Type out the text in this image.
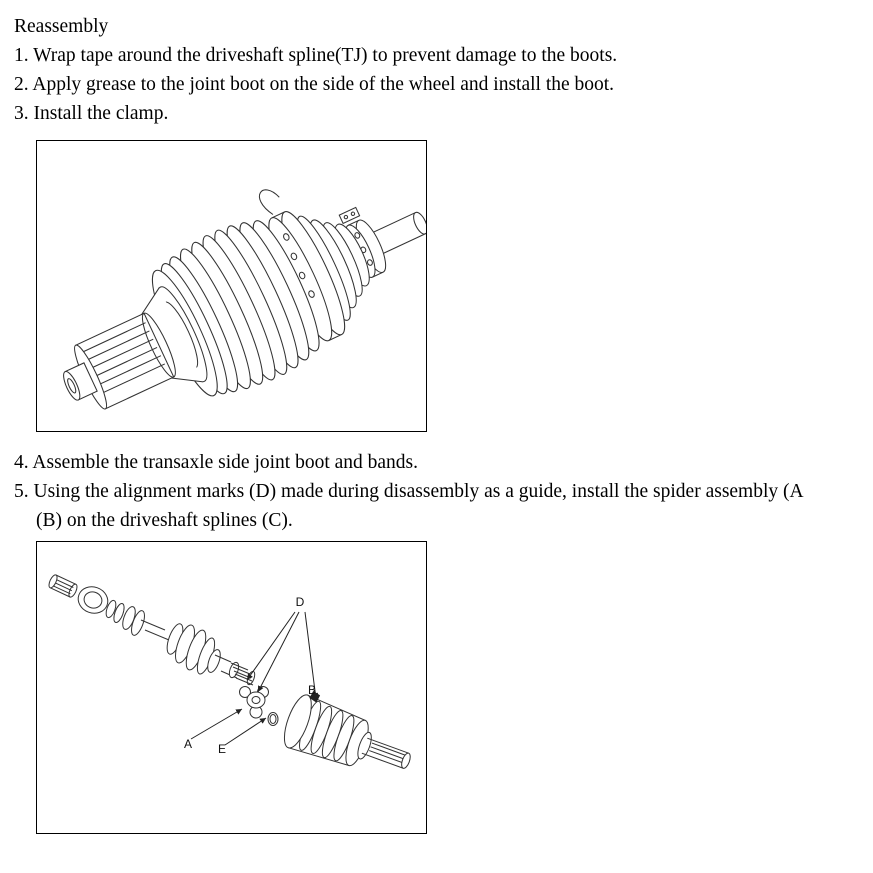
Reassembly
1. Wrap tape around the driveshaft spline(TJ) to prevent damage to the boots.
2. Apply grease to the joint boot on the side of the wheel and install the boot.
3. Install the clamp.
4. Assemble the transaxle side joint boot and bands.
5. Using the alignment marks (D) made during disassembly as a guide, install the spider assembly (A
(B) on the driveshaft splines (C).
D
A E
B
